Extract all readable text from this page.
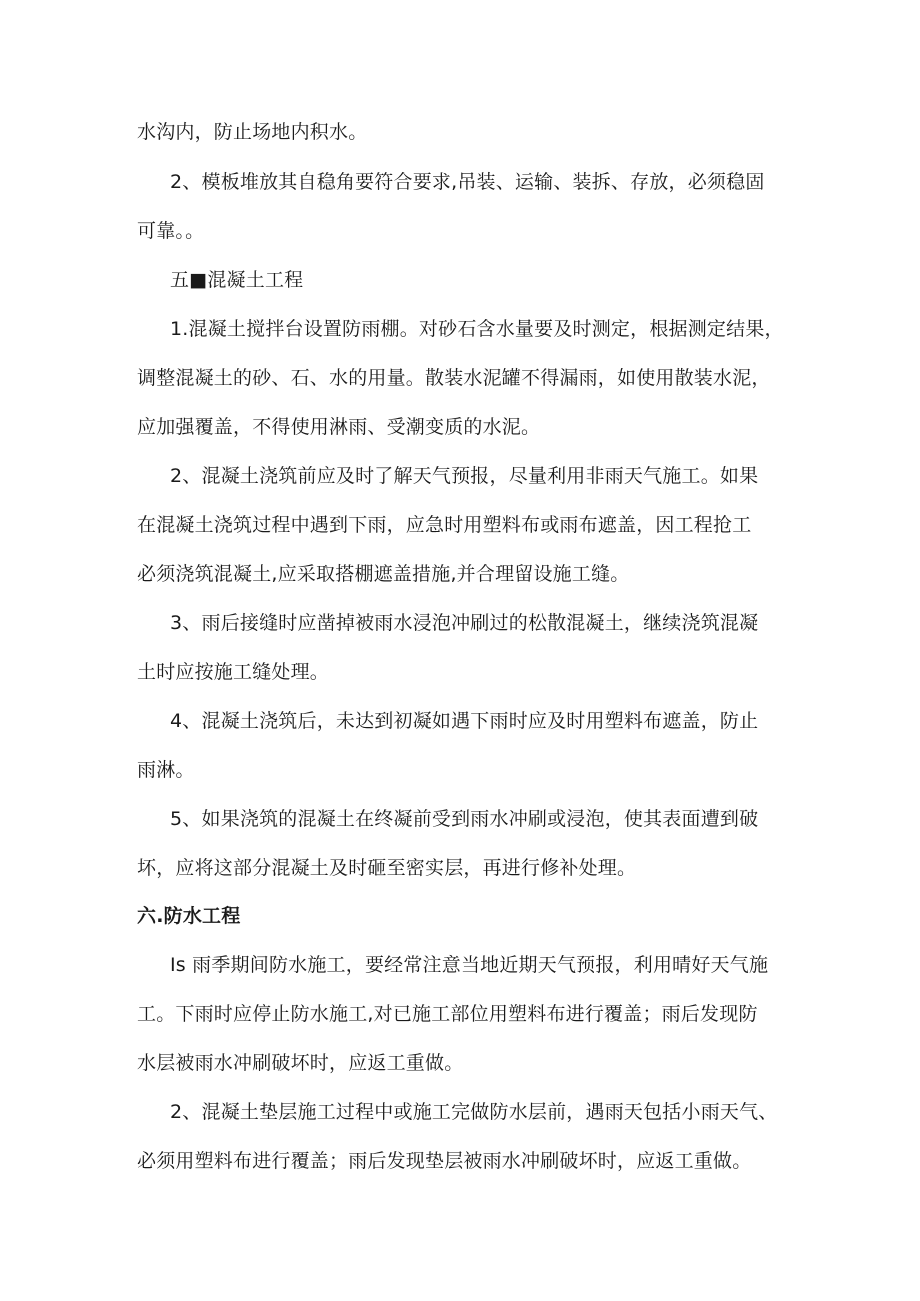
水沟内，防止场地内积水。
2、模板堆放其自稳角要符合要求,吊装、运输、装拆、存放，必须稳固
可靠。。
五■混凝土工程
1.混凝土搅拌台设置防雨棚。对砂石含水量要及时测定，根据测定结果，
调整混凝土的砂、石、水的用量。散装水泥罐不得漏雨，如使用散装水泥，
应加强覆盖，不得使用淋雨、受潮变质的水泥。
2、混凝土浇筑前应及时了解天气预报，尽量利用非雨天气施工。如果
在混凝土浇筑过程中遇到下雨，应急时用塑料布或雨布遮盖，因工程抢工
必须浇筑混凝土,应采取搭棚遮盖措施,并合理留设施工缝。
3、雨后接缝时应凿掉被雨水浸泡冲刷过的松散混凝土，继续浇筑混凝
土时应按施工缝处理。
4、混凝土浇筑后，未达到初凝如遇下雨时应及时用塑料布遮盖，防止
雨淋。
5、如果浇筑的混凝土在终凝前受到雨水冲刷或浸泡，使其表面遭到破
坏，应将这部分混凝土及时砸至密实层，再进行修补处理。
六.防水工程
Is 雨季期间防水施工，要经常注意当地近期天气预报，利用晴好天气施
工。下雨时应停止防水施工,对已施工部位用塑料布进行覆盖；雨后发现防
水层被雨水冲刷破坏时，应返工重做。
2、混凝土垫层施工过程中或施工完做防水层前，遇雨天包括小雨天气、
必须用塑料布进行覆盖；雨后发现垫层被雨水冲刷破坏时，应返工重做。
